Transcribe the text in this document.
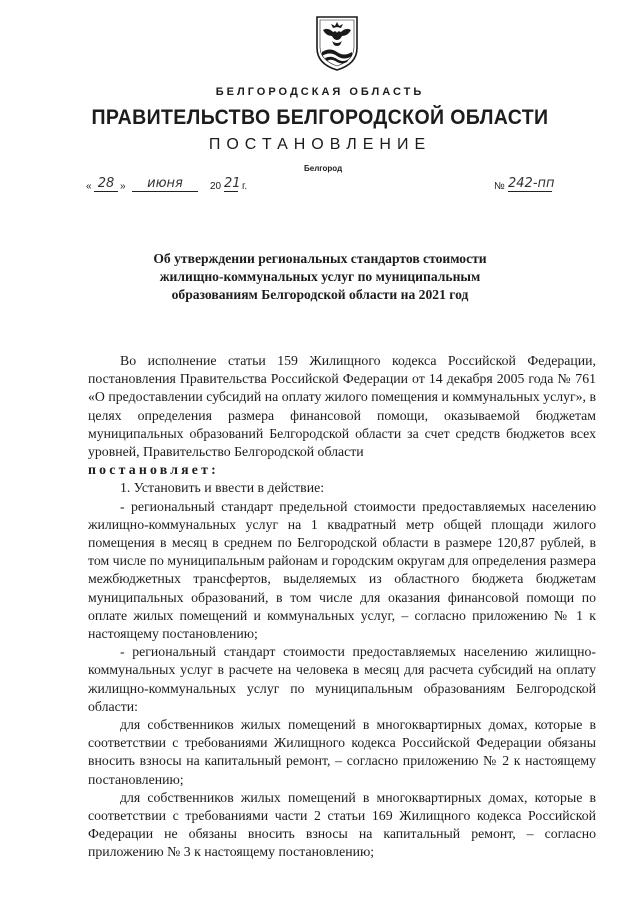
БЕЛГОРОДСКАЯ ОБЛАСТЬ
ПРАВИТЕЛЬСТВО БЕЛГОРОДСКОЙ ОБЛАСТИ
ПОСТАНОВЛЕНИЕ
Белгород
« 28 »	июня	20 21 г.	№ 242-пп
Об утверждении региональных стандартов стоимости
жилищно-коммунальных услуг по муниципальным
образованиям Белгородской области на 2021 год

Во исполнение статьи 159 Жилищного кодекса Российской Федерации, постановления Правительства Российской Федерации от 14 декабря 2005 года № 761 «О предоставлении субсидий на оплату жилого помещения и коммунальных услуг», в целях определения размера финансовой помощи, оказываемой бюджетам муниципальных образований Белгородской области за счет средств бюджетов всех уровней, Правительство Белгородской области

постановляет:

1. Установить и ввести в действие:

- региональный стандарт предельной стоимости предоставляемых населению жилищно-коммунальных услуг на 1 квадратный метр общей площади жилого помещения в месяц в среднем по Белгородской области в размере 120,87 рублей, в том числе по муниципальным районам и городским округам для определения размера межбюджетных трансфертов, выделяемых из областного бюджета бюджетам муниципальных образований, в том числе для оказания финансовой помощи по оплате жилых помещений и коммунальных услуг, – согласно приложению № 1 к настоящему постановлению;

- региональный стандарт стоимости предоставляемых населению жилищно-коммунальных услуг в расчете на человека в месяц для расчета субсидий на оплату жилищно-коммунальных услуг по муниципальным образованиям Белгородской области:

для собственников жилых помещений в многоквартирных домах, которые в соответствии с требованиями Жилищного кодекса Российской Федерации обязаны вносить взносы на капитальный ремонт, – согласно приложению № 2 к настоящему постановлению;

для собственников жилых помещений в многоквартирных домах, которые в соответствии с требованиями части 2 статьи 169 Жилищного кодекса Российской Федерации не обязаны вносить взносы на капитальный ремонт, – согласно приложению № 3 к настоящему постановлению;
